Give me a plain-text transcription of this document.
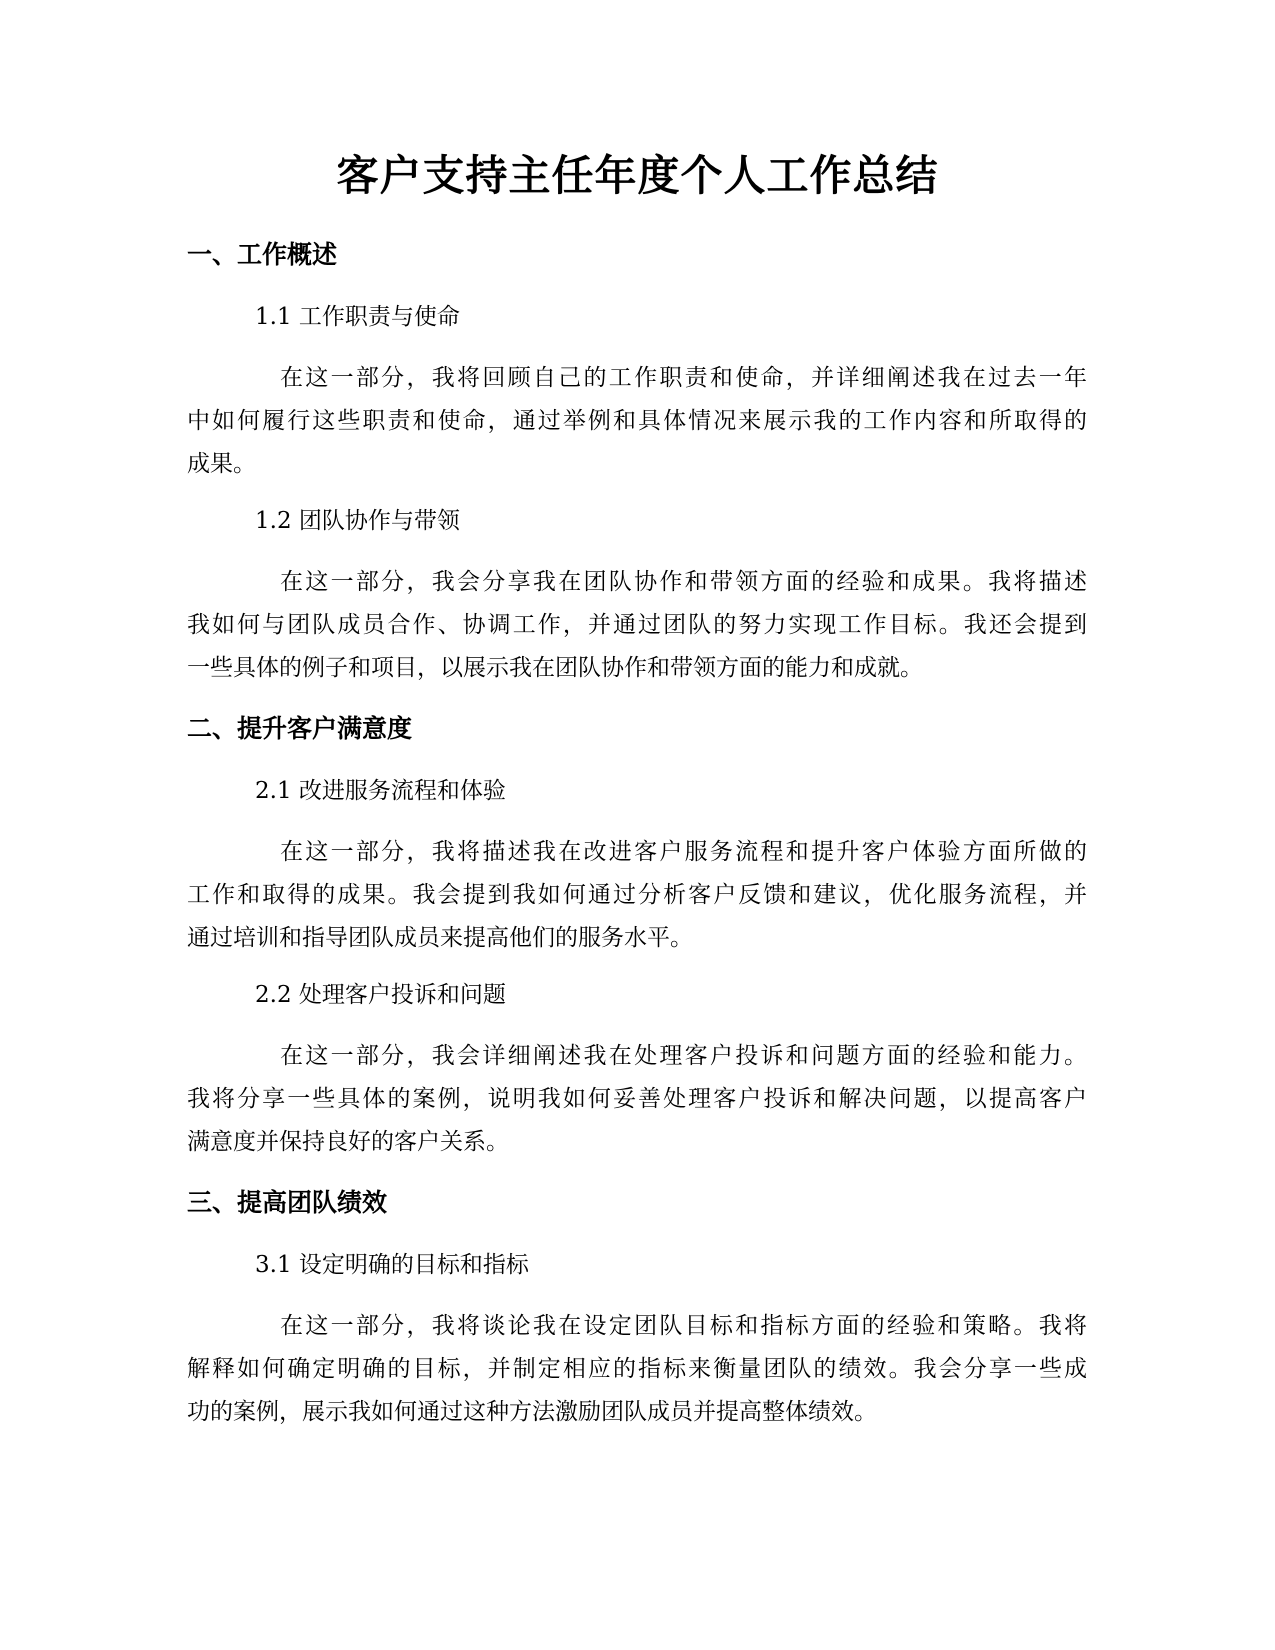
客户支持主任年度个人工作总结
一、工作概述
1.1 工作职责与使命
在这一部分，我将回顾自己的工作职责和使命，并详细阐述我在过去一年
中如何履行这些职责和使命，通过举例和具体情况来展示我的工作内容和所取得的
成果。
1.2 团队协作与带领
在这一部分，我会分享我在团队协作和带领方面的经验和成果。我将描述
我如何与团队成员合作、协调工作，并通过团队的努力实现工作目标。我还会提到
一些具体的例子和项目，以展示我在团队协作和带领方面的能力和成就。
二、提升客户满意度
2.1 改进服务流程和体验
在这一部分，我将描述我在改进客户服务流程和提升客户体验方面所做的
工作和取得的成果。我会提到我如何通过分析客户反馈和建议，优化服务流程，并
通过培训和指导团队成员来提高他们的服务水平。
2.2 处理客户投诉和问题
在这一部分，我会详细阐述我在处理客户投诉和问题方面的经验和能力。
我将分享一些具体的案例，说明我如何妥善处理客户投诉和解决问题，以提高客户
满意度并保持良好的客户关系。
三、提高团队绩效
3.1 设定明确的目标和指标
在这一部分，我将谈论我在设定团队目标和指标方面的经验和策略。我将
解释如何确定明确的目标，并制定相应的指标来衡量团队的绩效。我会分享一些成
功的案例，展示我如何通过这种方法激励团队成员并提高整体绩效。
